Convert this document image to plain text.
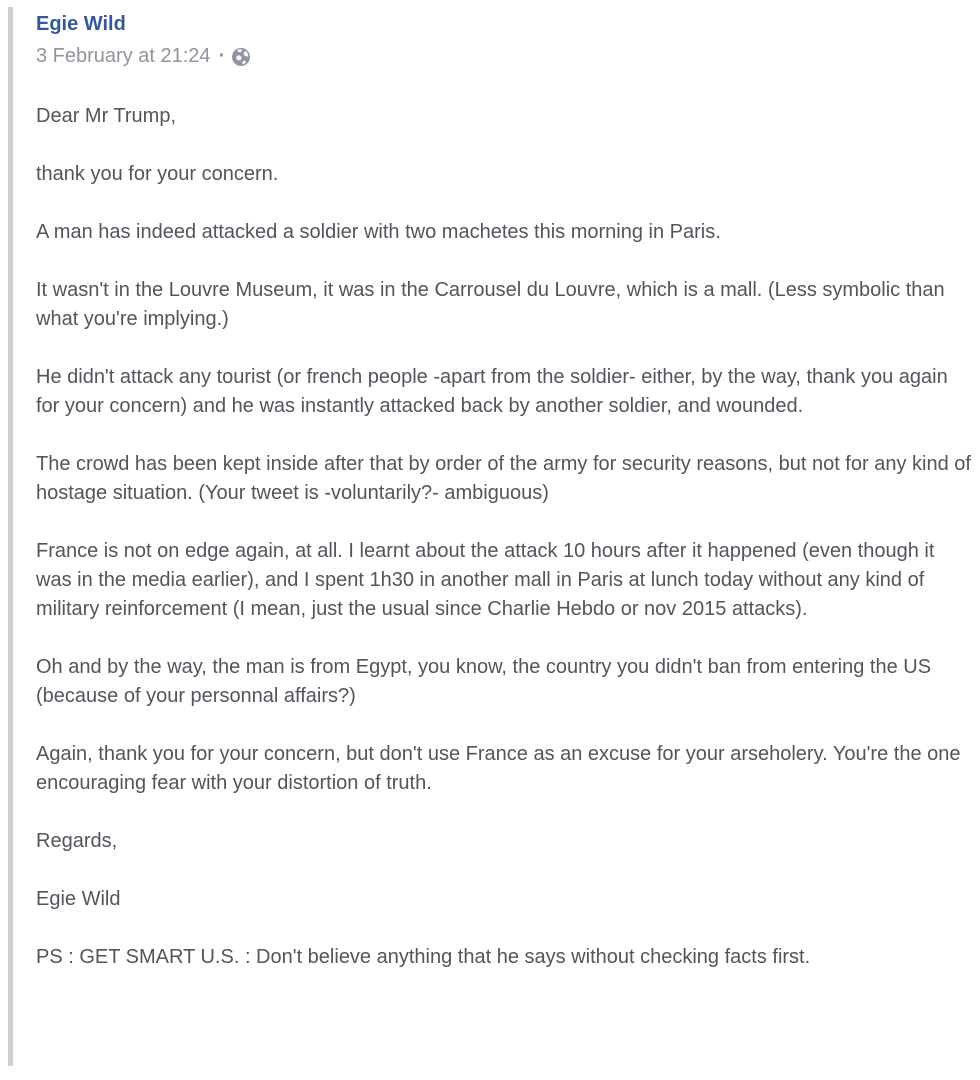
Egie Wild
3 February at 21:24 ·

Dear Mr Trump,

thank you for your concern.

A man has indeed attacked a soldier with two machetes this morning in Paris.

It wasn't in the Louvre Museum, it was in the Carrousel du Louvre, which is a mall. (Less symbolic than what you're implying.)

He didn't attack any tourist (or french people -apart from the soldier- either, by the way, thank you again for your concern) and he was instantly attacked back by another soldier, and wounded.

The crowd has been kept inside after that by order of the army for security reasons, but not for any kind of hostage situation. (Your tweet is -voluntarily?- ambiguous)

France is not on edge again, at all. I learnt about the attack 10 hours after it happened (even though it was in the media earlier), and I spent 1h30 in another mall in Paris at lunch today without any kind of military reinforcement (I mean, just the usual since Charlie Hebdo or nov 2015 attacks).

Oh and by the way, the man is from Egypt, you know, the country you didn't ban from entering the US (because of your personnal affairs?)

Again, thank you for your concern, but don't use France as an excuse for your arseholery. You're the one encouraging fear with your distortion of truth.

Regards,

Egie Wild

PS : GET SMART U.S. : Don't believe anything that he says without checking facts first.
